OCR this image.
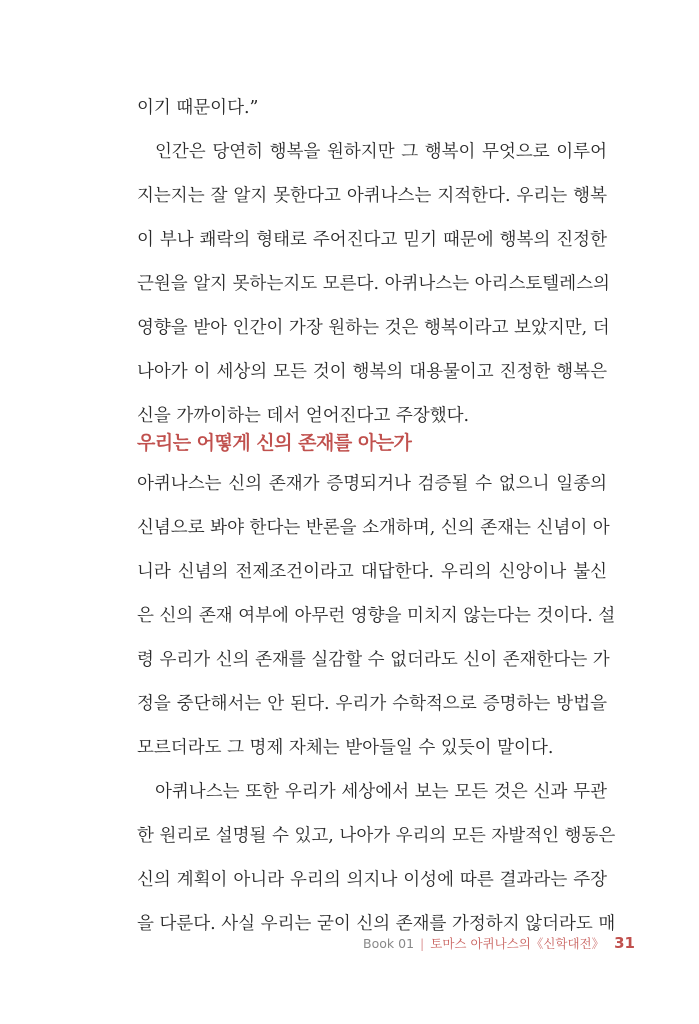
이기 때문이다.”
인간은 당연히 행복을 원하지만 그 행복이 무엇으로 이루어
지는지는 잘 알지 못한다고 아퀴나스는 지적한다. 우리는 행복
이 부나 쾌락의 형태로 주어진다고 믿기 때문에 행복의 진정한
근원을 알지 못하는지도 모른다. 아퀴나스는 아리스토텔레스의
영향을 받아 인간이 가장 원하는 것은 행복이라고 보았지만, 더
나아가 이 세상의 모든 것이 행복의 대용물이고 진정한 행복은
신을 가까이하는 데서 얻어진다고 주장했다.
우리는 어떻게 신의 존재를 아는가
아퀴나스는 신의 존재가 증명되거나 검증될 수 없으니 일종의
신념으로 봐야 한다는 반론을 소개하며, 신의 존재는 신념이 아
니라 신념의 전제조건이라고 대답한다. 우리의 신앙이나 불신
은 신의 존재 여부에 아무런 영향을 미치지 않는다는 것이다. 설
령 우리가 신의 존재를 실감할 수 없더라도 신이 존재한다는 가
정을 중단해서는 안 된다. 우리가 수학적으로 증명하는 방법을
모르더라도 그 명제 자체는 받아들일 수 있듯이 말이다.
아퀴나스는 또한 우리가 세상에서 보는 모든 것은 신과 무관
한 원리로 설명될 수 있고, 나아가 우리의 모든 자발적인 행동은
신의 계획이 아니라 우리의 의지나 이성에 따른 결과라는 주장
을 다룬다. 사실 우리는 굳이 신의 존재를 가정하지 않더라도 매
Book 01 | 토마스 아퀴나스의《신학대전》 31
